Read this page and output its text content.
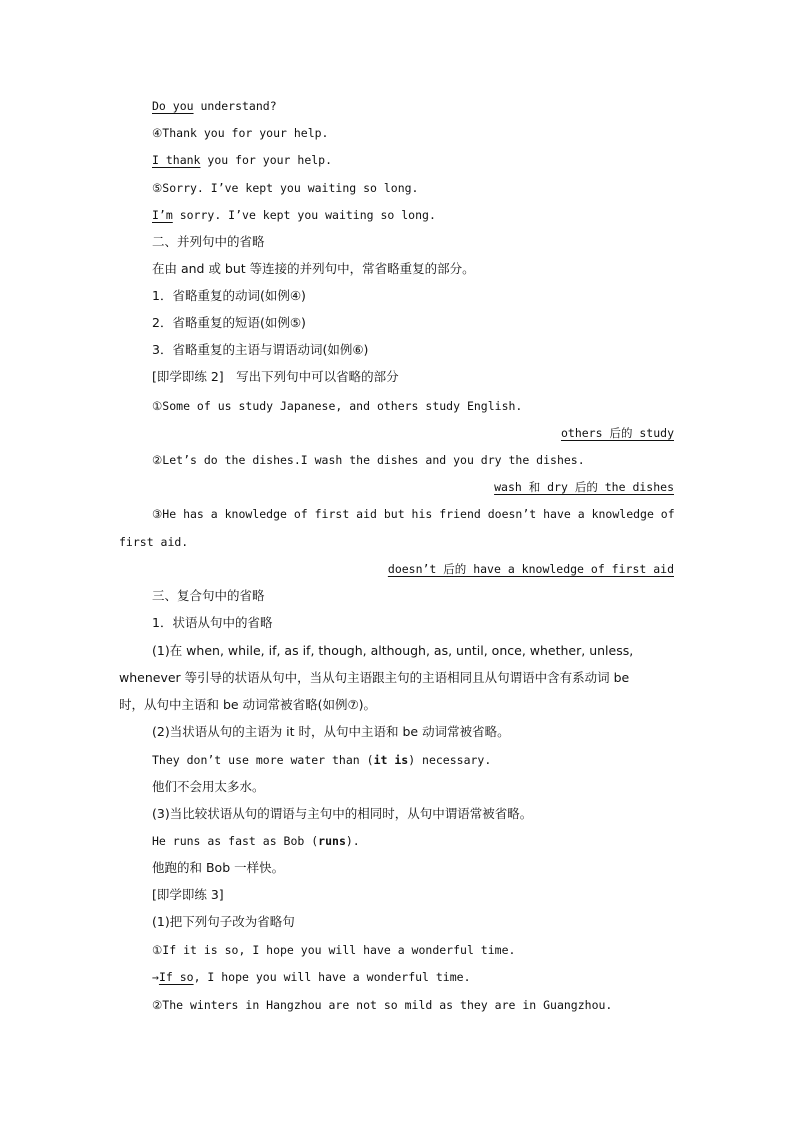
Do you understand?
④Thank you for your help.
I thank you for your help.
⑤Sorry. I’ve kept you waiting so long.
I’m sorry. I’ve kept you waiting so long.
二、并列句中的省略
在由 and 或 but 等连接的并列句中，常省略重复的部分。
1．省略重复的动词(如例④)
2．省略重复的短语(如例⑤)
3．省略重复的主语与谓语动词(如例⑥)
[即学即练 2]　写出下列句中可以省略的部分
①Some of us study Japanese, and others study English.
others 后的 study
②Let’s do the dishes.I wash the dishes and you dry the dishes.
wash 和 dry 后的 the dishes
③He has a knowledge of first aid but his friend doesn’t have a knowledge of
first aid.
doesn’t 后的 have a knowledge of first aid
三、复合句中的省略
1．状语从句中的省略
(1)在 when, while, if, as if, though, although, as, until, once, whether, unless,
whenever 等引导的状语从句中，当从句主语跟主句的主语相同且从句谓语中含有系动词 be
时，从句中主语和 be 动词常被省略(如例⑦)。
(2)当状语从句的主语为 it 时，从句中主语和 be 动词常被省略。
They don’t use more water than (it is) necessary.
他们不会用太多水。
(3)当比较状语从句的谓语与主句中的相同时，从句中谓语常被省略。
He runs as fast as Bob (runs).
他跑的和 Bob 一样快。
[即学即练 3]
(1)把下列句子改为省略句
①If it is so, I hope you will have a wonderful time.
→If so, I hope you will have a wonderful time.
②The winters in Hangzhou are not so mild as they are in Guangzhou.
